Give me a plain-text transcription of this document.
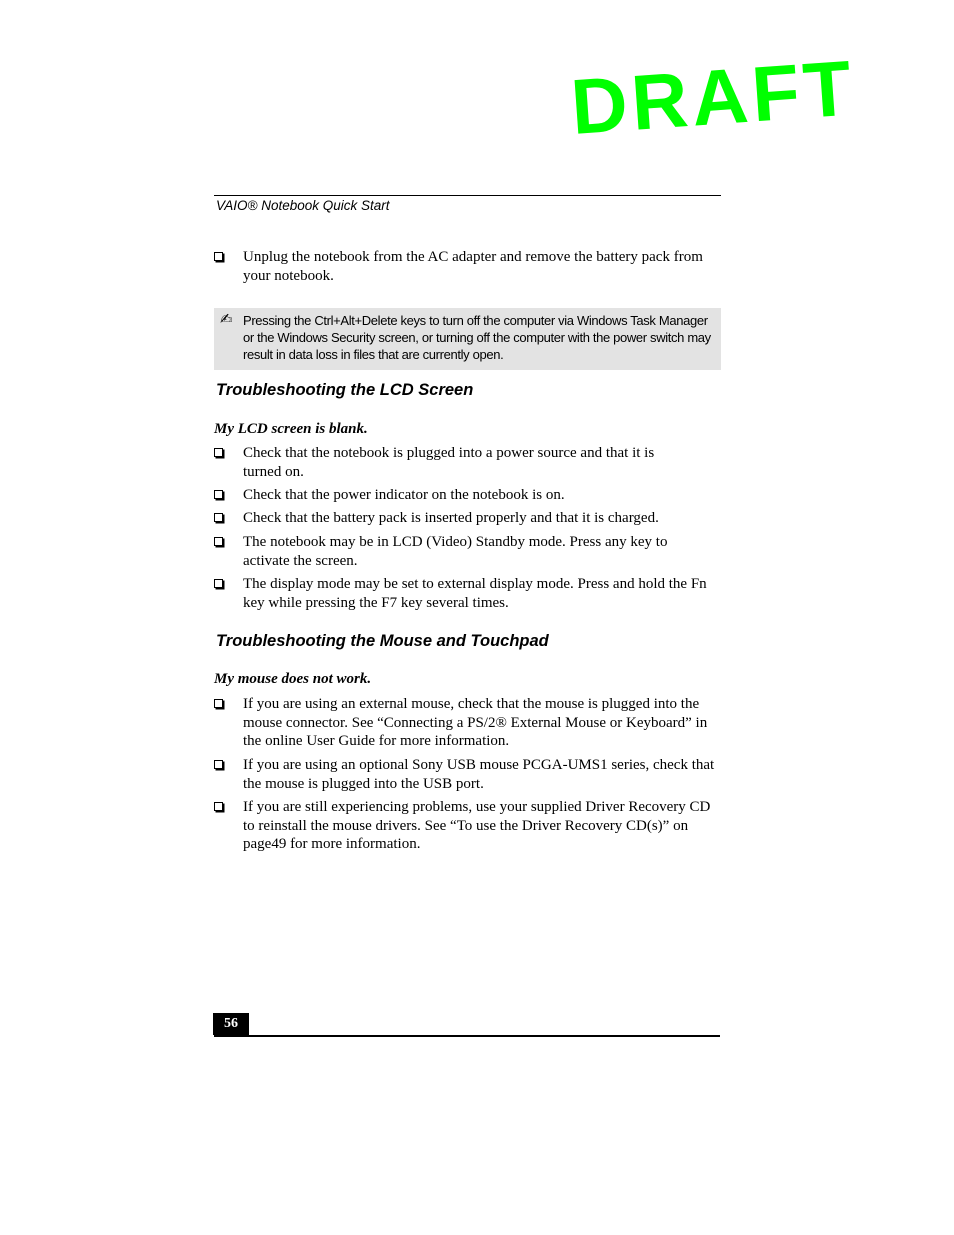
DRAFT
VAIO® Notebook Quick Start
Unplug the notebook from the AC adapter and remove the battery pack from your notebook.
✍ Pressing the Ctrl+Alt+Delete keys to turn off the computer via Windows Task Manager or the Windows Security screen, or turning off the computer with the power switch may result in data loss in files that are currently open.
Troubleshooting the LCD Screen
My LCD screen is blank.
Check that the notebook is plugged into a power source and that it is turned on.
Check that the power indicator on the notebook is on.
Check that the battery pack is inserted properly and that it is charged.
The notebook may be in LCD (Video) Standby mode. Press any key to activate the screen.
The display mode may be set to external display mode. Press and hold the Fn key while pressing the F7 key several times.
Troubleshooting the Mouse and Touchpad
My mouse does not work.
If you are using an external mouse, check that the mouse is plugged into the mouse connector. See “Connecting a PS/2® External Mouse or Keyboard” in the online User Guide for more information.
If you are using an optional Sony USB mouse PCGA-UMS1 series, check that the mouse is plugged into the USB port.
If you are still experiencing problems, use your supplied Driver Recovery CD to reinstall the mouse drivers. See “To use the Driver Recovery CD(s)” on page49 for more information.
56
